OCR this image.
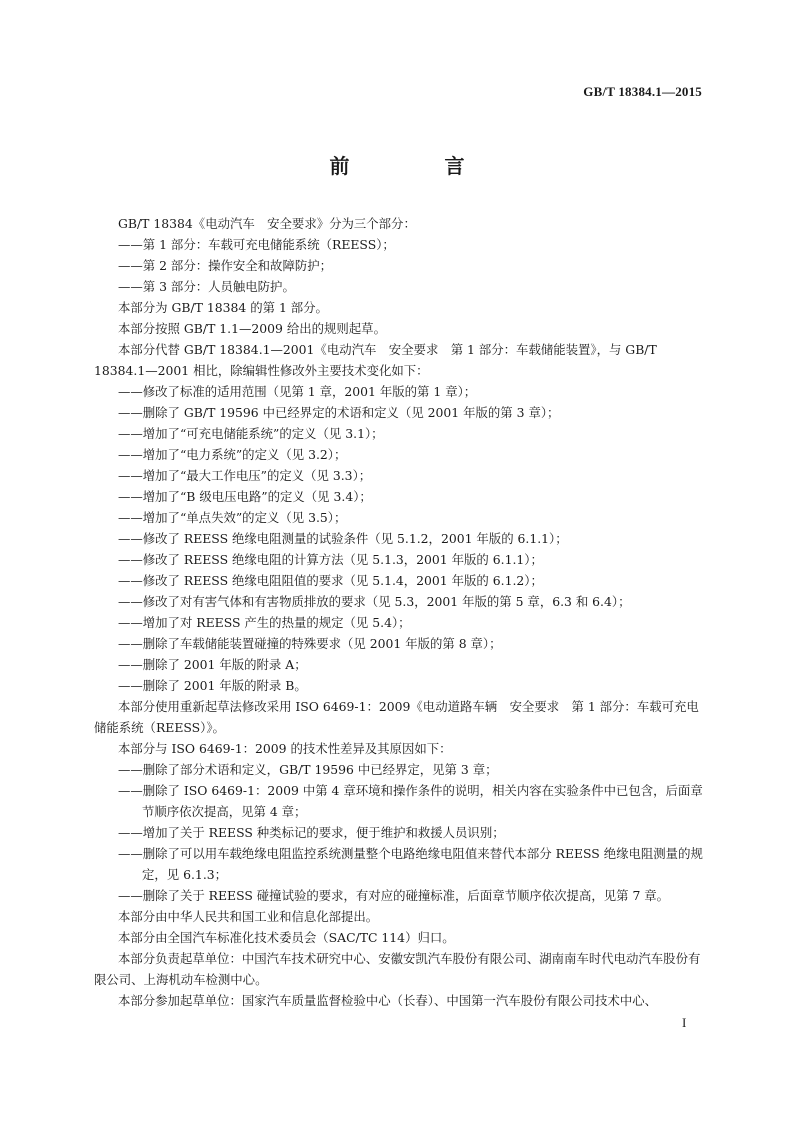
GB/T 18384.1—2015
前 言
GB/T 18384《电动汽车　安全要求》分为三个部分：
——第 1 部分：车载可充电储能系统（REESS）；
——第 2 部分：操作安全和故障防护；
——第 3 部分：人员触电防护。
本部分为 GB/T 18384 的第 1 部分。
本部分按照 GB/T 1.1—2009 给出的规则起草。
本部分代替 GB/T 18384.1—2001《电动汽车　安全要求　第 1 部分：车载储能装置》，与 GB/T 18384.1—2001 相比，除编辑性修改外主要技术变化如下：
——修改了标准的适用范围（见第 1 章，2001 年版的第 1 章）；
——删除了 GB/T 19596 中已经界定的术语和定义（见 2001 年版的第 3 章）；
——增加了“可充电储能系统”的定义（见 3.1）；
——增加了“电力系统”的定义（见 3.2）；
——增加了“最大工作电压”的定义（见 3.3）；
——增加了“B 级电压电路”的定义（见 3.4）；
——增加了“单点失效”的定义（见 3.5）；
——修改了 REESS 绝缘电阻测量的试验条件（见 5.1.2，2001 年版的 6.1.1）；
——修改了 REESS 绝缘电阻的计算方法（见 5.1.3，2001 年版的 6.1.1）；
——修改了 REESS 绝缘电阻阻值的要求（见 5.1.4，2001 年版的 6.1.2）；
——修改了对有害气体和有害物质排放的要求（见 5.3，2001 年版的第 5 章，6.3 和 6.4）；
——增加了对 REESS 产生的热量的规定（见 5.4）；
——删除了车载储能装置碰撞的特殊要求（见 2001 年版的第 8 章）；
——删除了 2001 年版的附录 A；
——删除了 2001 年版的附录 B。
本部分使用重新起草法修改采用 ISO 6469-1：2009《电动道路车辆　安全要求　第 1 部分：车载可充电储能系统（REESS）》。
本部分与 ISO 6469-1：2009 的技术性差异及其原因如下：
——删除了部分术语和定义，GB/T 19596 中已经界定，见第 3 章；
——删除了 ISO 6469-1：2009 中第 4 章环境和操作条件的说明，相关内容在实验条件中已包含，后面章节顺序依次提高，见第 4 章；
——增加了关于 REESS 种类标记的要求，便于维护和救援人员识别；
——删除了可以用车载绝缘电阻监控系统测量整个电路绝缘电阻值来替代本部分 REESS 绝缘电阻测量的规定，见 6.1.3；
——删除了关于 REESS 碰撞试验的要求，有对应的碰撞标准，后面章节顺序依次提高，见第 7 章。
本部分由中华人民共和国工业和信息化部提出。
本部分由全国汽车标准化技术委员会（SAC/TC 114）归口。
本部分负责起草单位：中国汽车技术研究中心、安徽安凯汽车股份有限公司、湖南南车时代电动汽车股份有限公司、上海机动车检测中心。
本部分参加起草单位：国家汽车质量监督检验中心（长春）、中国第一汽车股份有限公司技术中心、
I
